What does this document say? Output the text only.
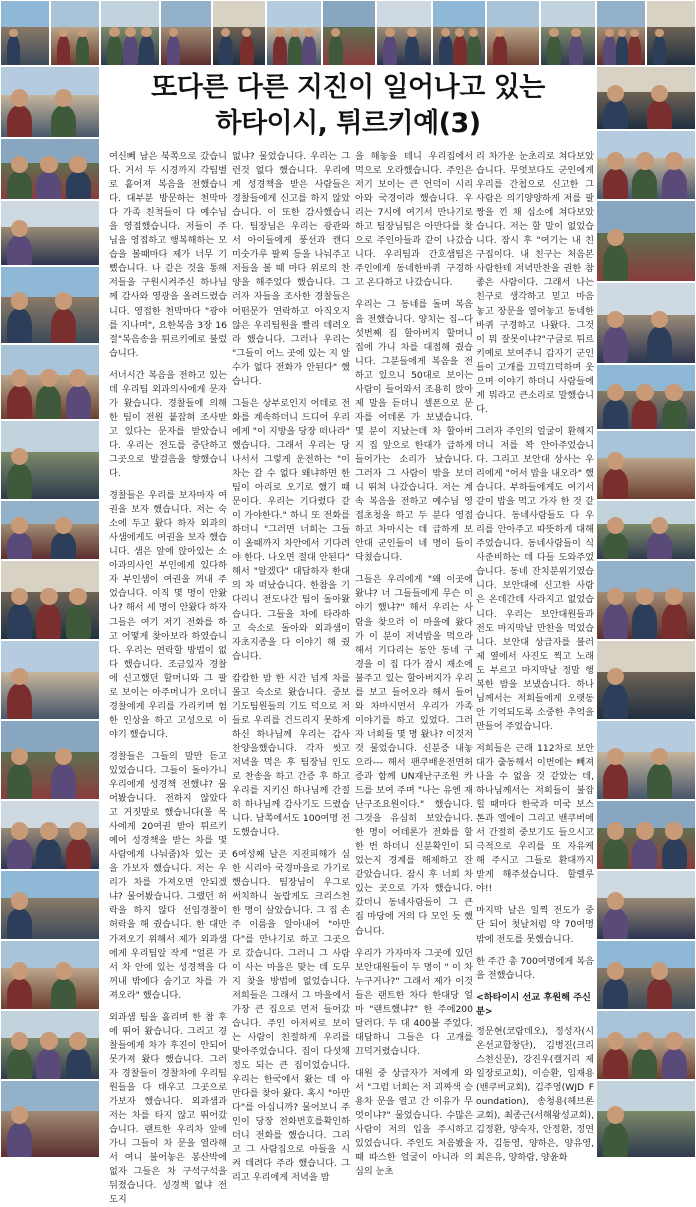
또다른 다른 지진이 일어나고 있는
하타이시, 튀르키예(3)

여신뻬 남은 북쪽으로 갔습니다. 거서 두 시경까지 각팀별로 흩어져 복음을 전했습니다. 대부분 방문하는 천막마다 가족 친척들이 다 예수님을 영접했습니다. 저들이 주님을 영접하고 행복해하는 모습을 볼때마다 제가 너무 기뻤습니다. 나 같은 것을 통해 저들을 구원시켜주신 하나님께 감사와 영광을 올려드렸습니다. 영접한 천막마다 "광야를 지나며", 요한복음 3장 16절"복음송을 튀르키예로 불렀습니다.

서너시간 복음을 전하고 있는 데 우리팀 외과의사에게 문자가 왔습니다. 경찰들에 의해 한 팀이 전원 붙잡혀 조사받고 있다는 문자를 받았습니다. 우리는 전도를 중단하고 그곳으로 발걸음을 향했습니다.

경찰들은 우리를 보자마자 여권을 보자 했습니다. 저는 숙소에 두고 왔다 하자 외과의사샘에게도 여권을 보자 했습니다. 샘은 앞에 앉아있는 소아과의사인 부인에게 있다하자 부인샘이 여권을 꺼내 주었습니다. 이직 몇 명이 안왔나? 해서 세 명이 안왔다 하자 그들은 여기 저기 전화를 하고 어떻게 찾아보라 하였습니다. 우리는 연락할 방법이 없다 했습니다. 조금있자 경찰에 신고했던 할머니와 그 팔로 보이는 아주머니가 오더니 경찰에게 우리를 가리키며 험한 인상을 하고 고성으로 이야기 했습니다.

경찰들은 그들의 말만 듣고 있었습니다. 그들이 돌아가니 우리에게 성경책 전했냐? 물어봤습니다. 전하지 않았다 고 거짓말로 했습니다(몰 목사에게 20여권 받아 튀르키예어 성경책을 받는 차를 몇 사람에게 나눠줌)차 있는 곳을 가보자 했습니다. 저는 우리가 차를 가져오면 안되겠냐? 물어봤습니다. 그랬던 허락을 하지 않다 선임경찰이 허락을 해 줬습니다. 한 대만 가져오기 위해서 제가 외과샘에게 우리팀알 작게 "얼른 가서 차 안에 있는 성경책을 다 꺼내 밖에다 숨기고 차를 가져오라" 했습니다.

외과샘 팀을 흘리며 한 참 후에 뛰어 왔습니다. 그리고 경찰들에게 차가 후진이 안되어 못가져 왔다 했습니다. 그러자 경찰들이 경찰차에 우리팀원들을 다 태우고 그곳으로 가보자 했습니다. 외과샘과 저는 차를 타지 않고 뛰어갔습니다. 랜트한 우리차 앞에가니 그들이 차 문을 열라해서 여니 불어놓은 봉산박에 없자 그들은 차 구석구석을 뒤졌습니다. 성경책 없냐 전도지

없냐? 물었습니다. 우리는 그런것 없다 했습니다. 우리에게 성경책을 받은 사람들은 경찰들에게 신고를 하지 않았습니다. 이 또한 감사했습니다. 팀장님은 우리는 광관와서 아이들에게 풍선과 캔디 미숫가루 팔찌 등을 나눠주고 저들을 볼 때 마다 위로의 찬양을 해주었다 했습니다. 그러자 자들을 조사한 경찰들은 어떤문가 연락하고 아직오지않은 우리팀원을 빨리 데려오라 했습니다. 그러나 우리는 "그들이 어느 곳에 있는 지 알 수가 없다 전화가 안된다" 했습니다.

그들은 상부로인지 어데로 전화를 계속하더니 드디어 우리에게 "이 지방을 당장 떠나라" 했습니다. 그래서 우리는 당나서서 그렇게 운전하는 "이 차는 갈 수 없다 왜냐하면 한 팀이 아리로 오기로 했기 때문이다. 우리는 기다렸다 같이 가야한다." 하니 또 전화를 하더니 "그러면 너희는 그들이 올때까지 차안에서 기다려야 한다. 나오면 절대 안된다" 해서 "알겠다" 대답하자 한대의 차 떠났습니다. 한참을 기다리니 전도나간 팀이 돌아왔습니다. 그들을 차에 타라하고 숙소로 돌아와 외과샘이 자초지종을 다 이야기 해 줬습니다.

캄캄한 밤 한 시간 넘게 차를 몰고 숙소로 왔습니다. 중보기도팀원들의 기도 덕으로 저들로 우리를 건드리지 못하게 하신 하나님께 우리는 감사 찬양을했습니다. 각자 씻고 저녁을 먹은 후 팀장님 인도로 찬송을 하고 간증 후 하고 우리를 지키신 하나님께 간절히 하나님께 감사기도 드렸습니다. 남쪽에서도 100여명 전도했습니다.

6여성째 날은 지진피해가 심한 시리아 국경마을로 가기로 했습니다. 팀장님이 우그로 써치하니 놀랍게도 크리스천 한 명이 살았습니다. 그 집 손주 이름을 알아내어 "아만다"를 만나기로 하고 그곳으로 갔습니다. 그러니 그 사람이 사는 마을은 맞는 데 도무지 찾을 방법에 없었습니다. 저희들은 그래서 그 마을에서 가장 큰 집으로 먼저 들어갔습니다. 주인 아저씨로 보이는 사람이 친절하게 우리를 맞아주었습니다. 집이 다섯채 정도 되는 큰 집이었습니다. 우리는 한국에서 왔는 데 아만다를 찾아 왔다. 혹시 "아만다"를 아십니까? 물어보니 주인이 당장 전화번호를확인하더니 전화를 했습니다. 그리고 그 사람집으로 아들을 시켜 데려다 주라 했습니다. 그리고 우리에게 저녁을 밤

을 해놓을 테니 우리집에서 먹으로 오라했습니다. 주인은 저기 보이는 큰 언덕이 시리아와 국경이라 했습니다. 우리는 7시에 여기서 만나기로 하고 팀장님팀은 아만다를 찾으로 주인아들과 같이 나갔습니다. 우리팀과 간호샘팀은 주인에게 동네한바퀴 구경하고 온다하고 나갔습니다.

우리는 그 동네를 돌며 복음을 전했습니다. 양치는 집--다섯번째 집 할아버지 할머니 집에 가니 차를 대접해 줬습니다. 그분들에게 복음을 전하고 있으니 50대로 보이는 사람이 들어와서 조용히 앉아 제 말을 듣더니 셀폰으로 문자를 어데론 가 보냈습니다. 몇 분이 지났는데 차 할아버지 집 앞으로 한대가 급하게 들어가는 소리가 났습니다. 그러자 그 사람이 밖을 보더니 뛰쳐 나갔습니다. 저는 계속 복음을 전하고 예수님 영접초청을 하고 두 분다 영접하고 차마시는 데 급하게 보안대 군인들이 네 명이 들이 닥쳤습니다.

그들은 우리에게 "왜 이곳에 왔냐? 너 그들들에게 무슨 이야기 했냐?" 해서 우리는 사람을 찾으러 이 마을에 왔다가 이 분이 저녁밥을 먹으라 해서 기다리는 동안 동네 구경을 이 집 다가 잠시 재소에 불주고 있는 할아버지가 우리를 보고 들어오라 해서 들어와 차마시면서 우리가 가족 이야기를 하고 있었다. 그러자 너희들 몇 명 왔나? 이것저것 물었습니다. 신분증 내놓으라--- 해서 팬쿠배운전면허증과 함께 UN재난구조원 카드를 보여 주며 "나는 유엔 재난구조요원이다." 했습니다. 그것을 유심히 보았습니다. 한 명이 어데론가 전화를 할 한 번 하더니 신분확인이 되었는지 경계를 해제하고 잔 같았습니다. 잠시 후 너희 차 있는 곳으로 가자 했습니다. 갔더니 동네사람들이 그 큰 집 마당에 거의 다 모인 듯 했습니다.

우리가 가자마자 그곳에 있던 보안대원들이 두 명이 " 이 차 누구거나?" 그래서 제가 이것들은 랜트한 차다 한대당 얼마 "랜트했냐?" 한 주에200달러다. 두 대 400불 주었다. 대답하니 그들은 다 고개를 끄덕거렸습니다.

대원 중 상급자가 저에게 와서 "그럼 너희는 저 괴짜색 승용차 문을 열고 간 이유가 무엇이냐?" 물었습니다. 수많은 사람이 저의 입을 주시하고 있었습니다. 주인도 처음봤을 때 따스한 얼굴이 아니라 의심의 눈초

리 차가운 눈초리로 쳐다보았습니다. 무엇보다도 군인에게 우리를 간첩으로 신고한 그 사람은 의기양양하게 저를 팔짱을 낀 채 십소에 쳐다보았습니다. 저는 할 말이 없었습니다. 잠시 후 "여기는 내 친구집이다. 내 친구는 처음본 사람한테 저녁만찬을 권한 참 좋은 사람이다. 그래서 나는 친구로 생각하고 믿고 마음 놓고 장문을 열어놓고 동네한바퀴 구경하고 나왔다. 그것이 뭐 잘못이냐?"구글로 튀르키예로 보여주니 갑자기 군인들이 고개를 끄덕끄덕하며 웃으며 이야기 하더니 사람들에게 뭐라고 큰소리로 말했습니다.

그러자 주인의 얼굴이 환해지더니 저를 꽉 안아주었습니다. 그리고 보안대 상사는 우리에게 "어서 밥을 내오라" 했습니다. 부하들에게도 여기서 같이 밥을 먹고 가자 한 것 같습니다. 동네사람들도 다 우리를 안아주고 따뜻하게 대해주었습니다. 동네사람들이 식사준비하는 데 다들 도와주었습니다. 동네 잔치분위기였습니다. 보안대에 신고한 사람은 온데간데 사라지고 없었습니다. 우리는 보안대원들과 전도 마지막날 만찬을 먹었습니다. 보안대 상급자를 불러 제 옆에서 사진도 찍고 노래도 부르고 마지막날 정말 행복한 밤을 보냈습니다. 하나님께서는 저희들에게 오랫동안 기억되도록 소중한 추억을 만들어 주었습니다.

저희들은 근래 112차로 보안대가 출동해서 이번에는 빼져나을 수 없을 것 같았는 데, 하나님께서는 저희들이 불잡힐 때마다 한국과 미국 보스톤과 엘에이 그리고 밴쿠버에서 간절히 중보기도 들으시고 극적으로 우리를 또 자유케 해 주시고 그들로 환대까지 받게 해주셨습니다. 할렐루야!!

마지막 날은 일찍 전도가 중단 되어 첫날처럼 약 70여명밖에 전도를 못했습니다.

한 주간 총 700여명에게 복음을 전했습니다.

<하타이시 선교 후원해 주신 분>

정문현(코람데오), 정성자(시온선교합창단), 김병진(크리스천신문), 강진우(캘거리 제일장로교회), 이승환, 임재용(밴쿠버교회), 김주영(WJD Foundation), 송청용(헤브론교회), 최종근(서해왕성교회), 김정환, 양숙자, 안정환, 정연자, 김동영, 양하은, 양유영, 최은유, 양하람, 양윤화
